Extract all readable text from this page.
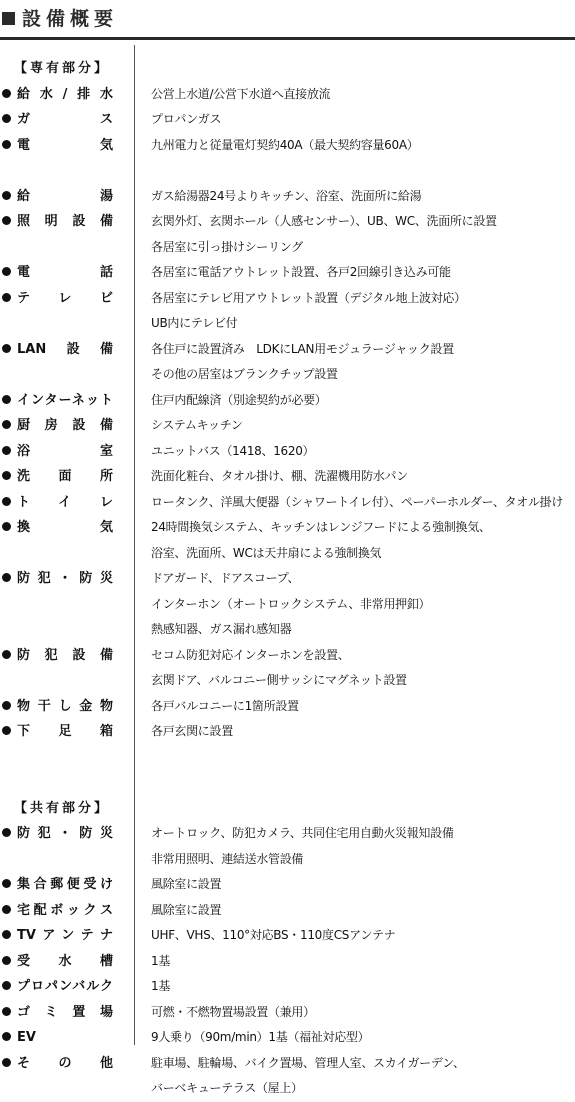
設備概要
【専有部分】
給水/排水	公営上水道/公営下水道へ直接放流
ガス	プロパンガス
電気	九州電力と従量電灯契約40A（最大契約容量60A）
給湯	ガス給湯器24号よりキッチン、浴室、洗面所に給湯
照明設備	玄関外灯、玄関ホール（人感センサー）、UB、WC、洗面所に設置
各居室に引っ掛けシーリング
電話	各居室に電話アウトレット設置、各戸2回線引き込み可能
テレビ	各居室にテレビ用アウトレット設置（デジタル地上波対応）
UB内にテレビ付
LAN設備	各住戸に設置済み　LDKにLAN用モジュラージャック設置
その他の居室はブランクチップ設置
インターネット	住戸内配線済（別途契約が必要）
厨房設備	システムキッチン
浴室	ユニットバス（1418、1620）
洗面所	洗面化粧台、タオル掛け、棚、洗濯機用防水パン
トイレ	ロータンク、洋風大便器（シャワートイレ付）、ペーパーホルダー、タオル掛け
換気	24時間換気システム、キッチンはレンジフードによる強制換気、
浴室、洗面所、WCは天井扇による強制換気
防犯・防災	ドアガード、ドアスコープ、
インターホン（オートロックシステム、非常用押釦）
熱感知器、ガス漏れ感知器
防犯設備	セコム防犯対応インターホンを設置、
玄関ドア、バルコニー側サッシにマグネット設置
物干し金物	各戸バルコニーに1箇所設置
下足箱	各戸玄関に設置
【共有部分】
防犯・防災	オートロック、防犯カメラ、共同住宅用自動火災報知設備
非常用照明、連結送水管設備
集合郵便受け	風除室に設置
宅配ボックス	風除室に設置
TVアンテナ	UHF、VHS、110°対応BS・110度CSアンテナ
受水槽	1基
プロパンバルク	1基
ゴミ置場	可燃・不燃物置場設置（兼用）
EV	9人乗り（90m/min）1基（福祉対応型）
その他	駐車場、駐輪場、バイク置場、管理人室、スカイガーデン、
バーベキューテラス（屋上）
